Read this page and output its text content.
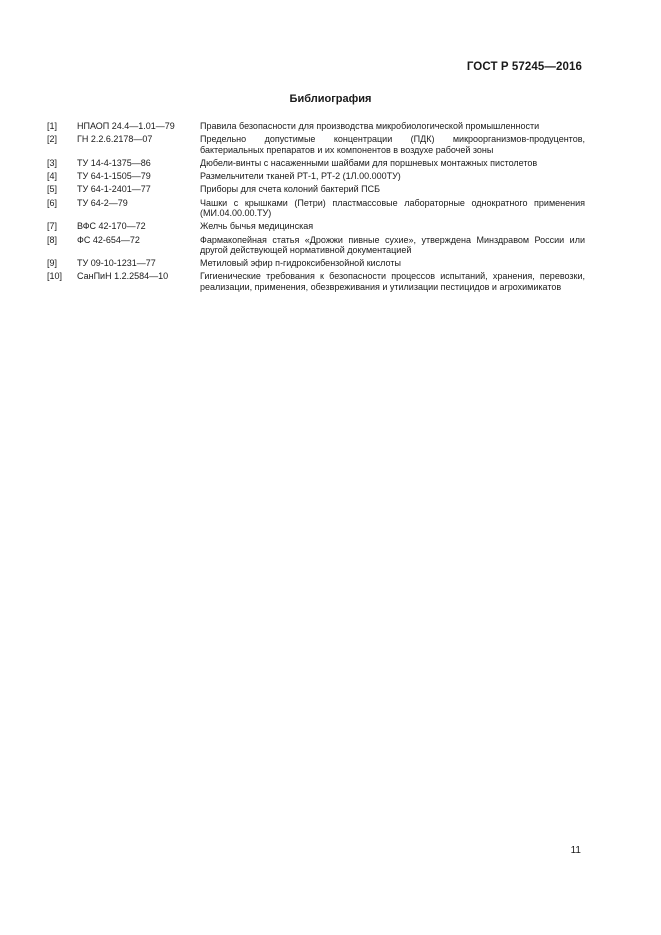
ГОСТ Р 57245—2016
Библиография
[1]	НПАОП 24.4—1.01—79	Правила безопасности для производства микробиологической промышленности
[2]	ГН 2.2.6.2178—07	Предельно допустимые концентрации (ПДК) микроорганизмов-продуцентов, бактериальных препаратов и их компонентов в воздухе рабочей зоны
[3]	ТУ 14-4-1375—86	Дюбели-винты с насаженными шайбами для поршневых монтажных пистолетов
[4]	ТУ 64-1-1505—79	Размельчители тканей РТ-1, РТ-2 (1Л.00.000ТУ)
[5]	ТУ 64-1-2401—77	Приборы для счета колоний бактерий ПСБ
[6]	ТУ 64-2—79	Чашки с крышками (Петри) пластмассовые лабораторные однократного применения (МИ.04.00.00.ТУ)
[7]	ВФС 42-170—72	Желчь бычья медицинская
[8]	ФС 42-654—72	Фармакопейная статья «Дрожжи пивные сухие», утверждена Минздравом России или другой действующей нормативной документацией
[9]	ТУ 09-10-1231—77	Метиловый эфир п-гидроксибензойной кислоты
[10]	СанПиН 1.2.2584—10	Гигиенические требования к безопасности процессов испытаний, хранения, перевозки, реализации, применения, обезвреживания и утилизации пестицидов и агрохимикатов
11
